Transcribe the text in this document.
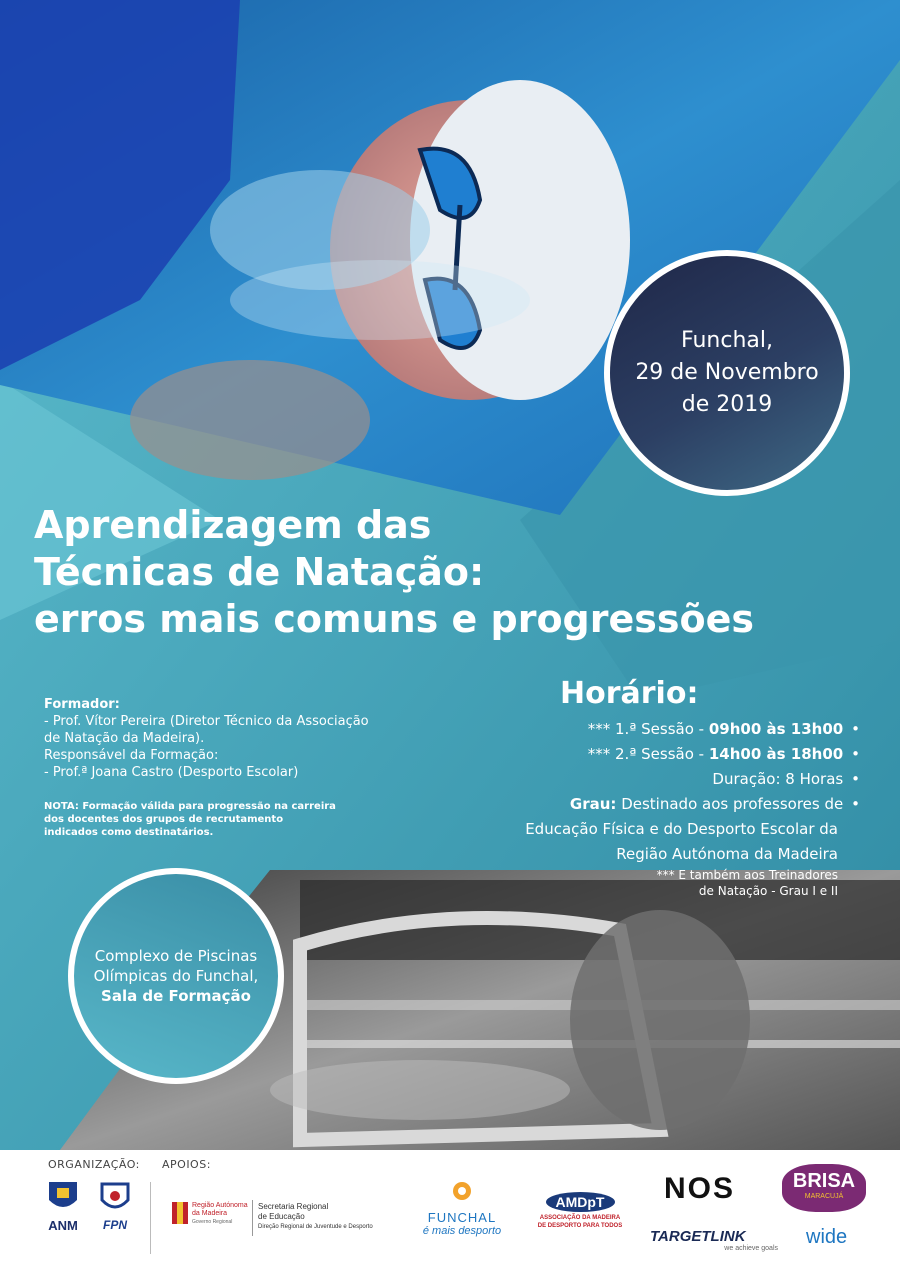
Funchal,
29 de Novembro
de 2019
Aprendizagem das
Técnicas de Natação:
erros mais comuns e progressões
Formador:
- Prof. Vítor Pereira (Diretor Técnico da Associação
de Natação da Madeira).
Responsável da Formação:
- Prof.ª Joana Castro (Desporto Escolar)
NOTA: Formação válida para progressão na carreira
dos docentes dos grupos de recrutamento
indicados como destinatários.
Horário:
*** 1.ª Sessão - 09h00 às 13h00 •
*** 2.ª Sessão - 14h00 às 18h00 •
Duração: 8 Horas •
Grau: Destinado aos professores de •
Educação Física e do Desporto Escolar da
Região Autónoma da Madeira
*** E também aos Treinadores
de Natação - Grau I e II
Complexo de Piscinas
Olímpicas do Funchal,
Sala de Formação
ORGANIZAÇÃO: APOIOS:
ANM	FPN
Região Autónoma
da Madeira
Governo Regional
Secretaria Regional
de Educação
Direção Regional de Juventude e Desporto
FUNCHAL
é mais desporto
AMDpT
ASSOCIAÇÃO DA MADEIRA
DE DESPORTO PARA TODOS
NOS
TARGETLINK
we achieve goals
BRISA
MARACUJÁ
wide
